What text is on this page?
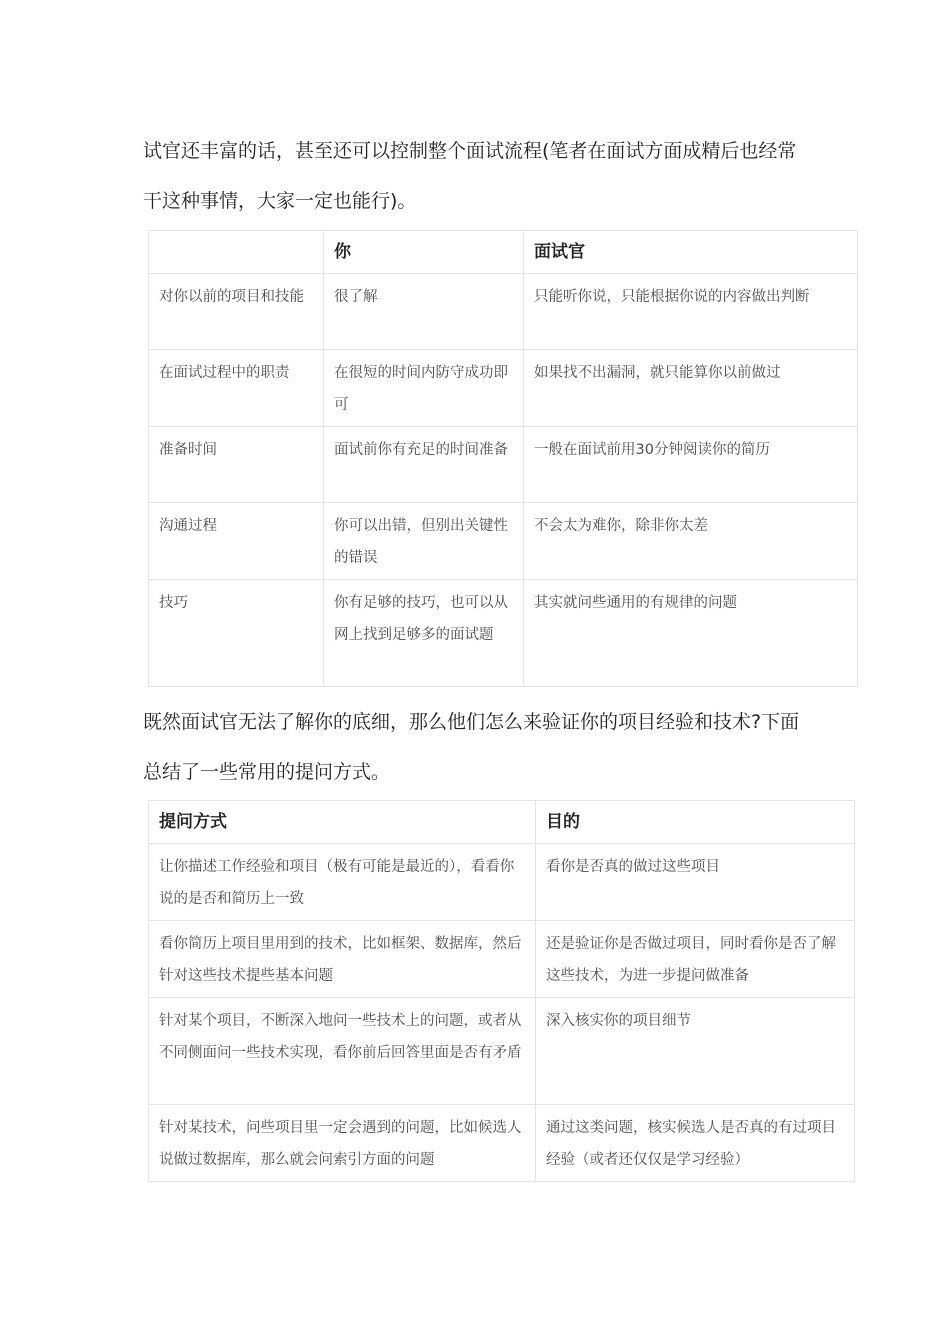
试官还丰富的话，甚至还可以控制整个面试流程(笔者在面试方面成精后也经常
干这种事情，大家一定也能行)。

	你	面试官
对你以前的项目和技能	很了解	只能听你说，只能根据你说的内容做出判断
在面试过程中的职责	在很短的时间内防守成功即可	如果找不出漏洞，就只能算你以前做过
准备时间	面试前你有充足的时间准备	一般在面试前用30分钟阅读你的简历
沟通过程	你可以出错，但别出关键性的错误	不会太为难你，除非你太差
技巧	你有足够的技巧，也可以从网上找到足够多的面试题	其实就问些通用的有规律的问题

既然面试官无法了解你的底细，那么他们怎么来验证你的项目经验和技术?下面
总结了一些常用的提问方式。

提问方式	目的
让你描述工作经验和项目（极有可能是最近的），看看你说的是否和简历上一致	看你是否真的做过这些项目
看你简历上项目里用到的技术，比如框架、数据库，然后针对这些技术提些基本问题	还是验证你是否做过项目，同时看你是否了解这些技术，为进一步提问做准备
针对某个项目，不断深入地问一些技术上的问题，或者从不同侧面问一些技术实现，看你前后回答里面是否有矛盾	深入核实你的项目细节
针对某技术，问些项目里一定会遇到的问题，比如候选人说做过数据库，那么就会问索引方面的问题	通过这类问题，核实候选人是否真的有过项目经验（或者还仅仅是学习经验）
